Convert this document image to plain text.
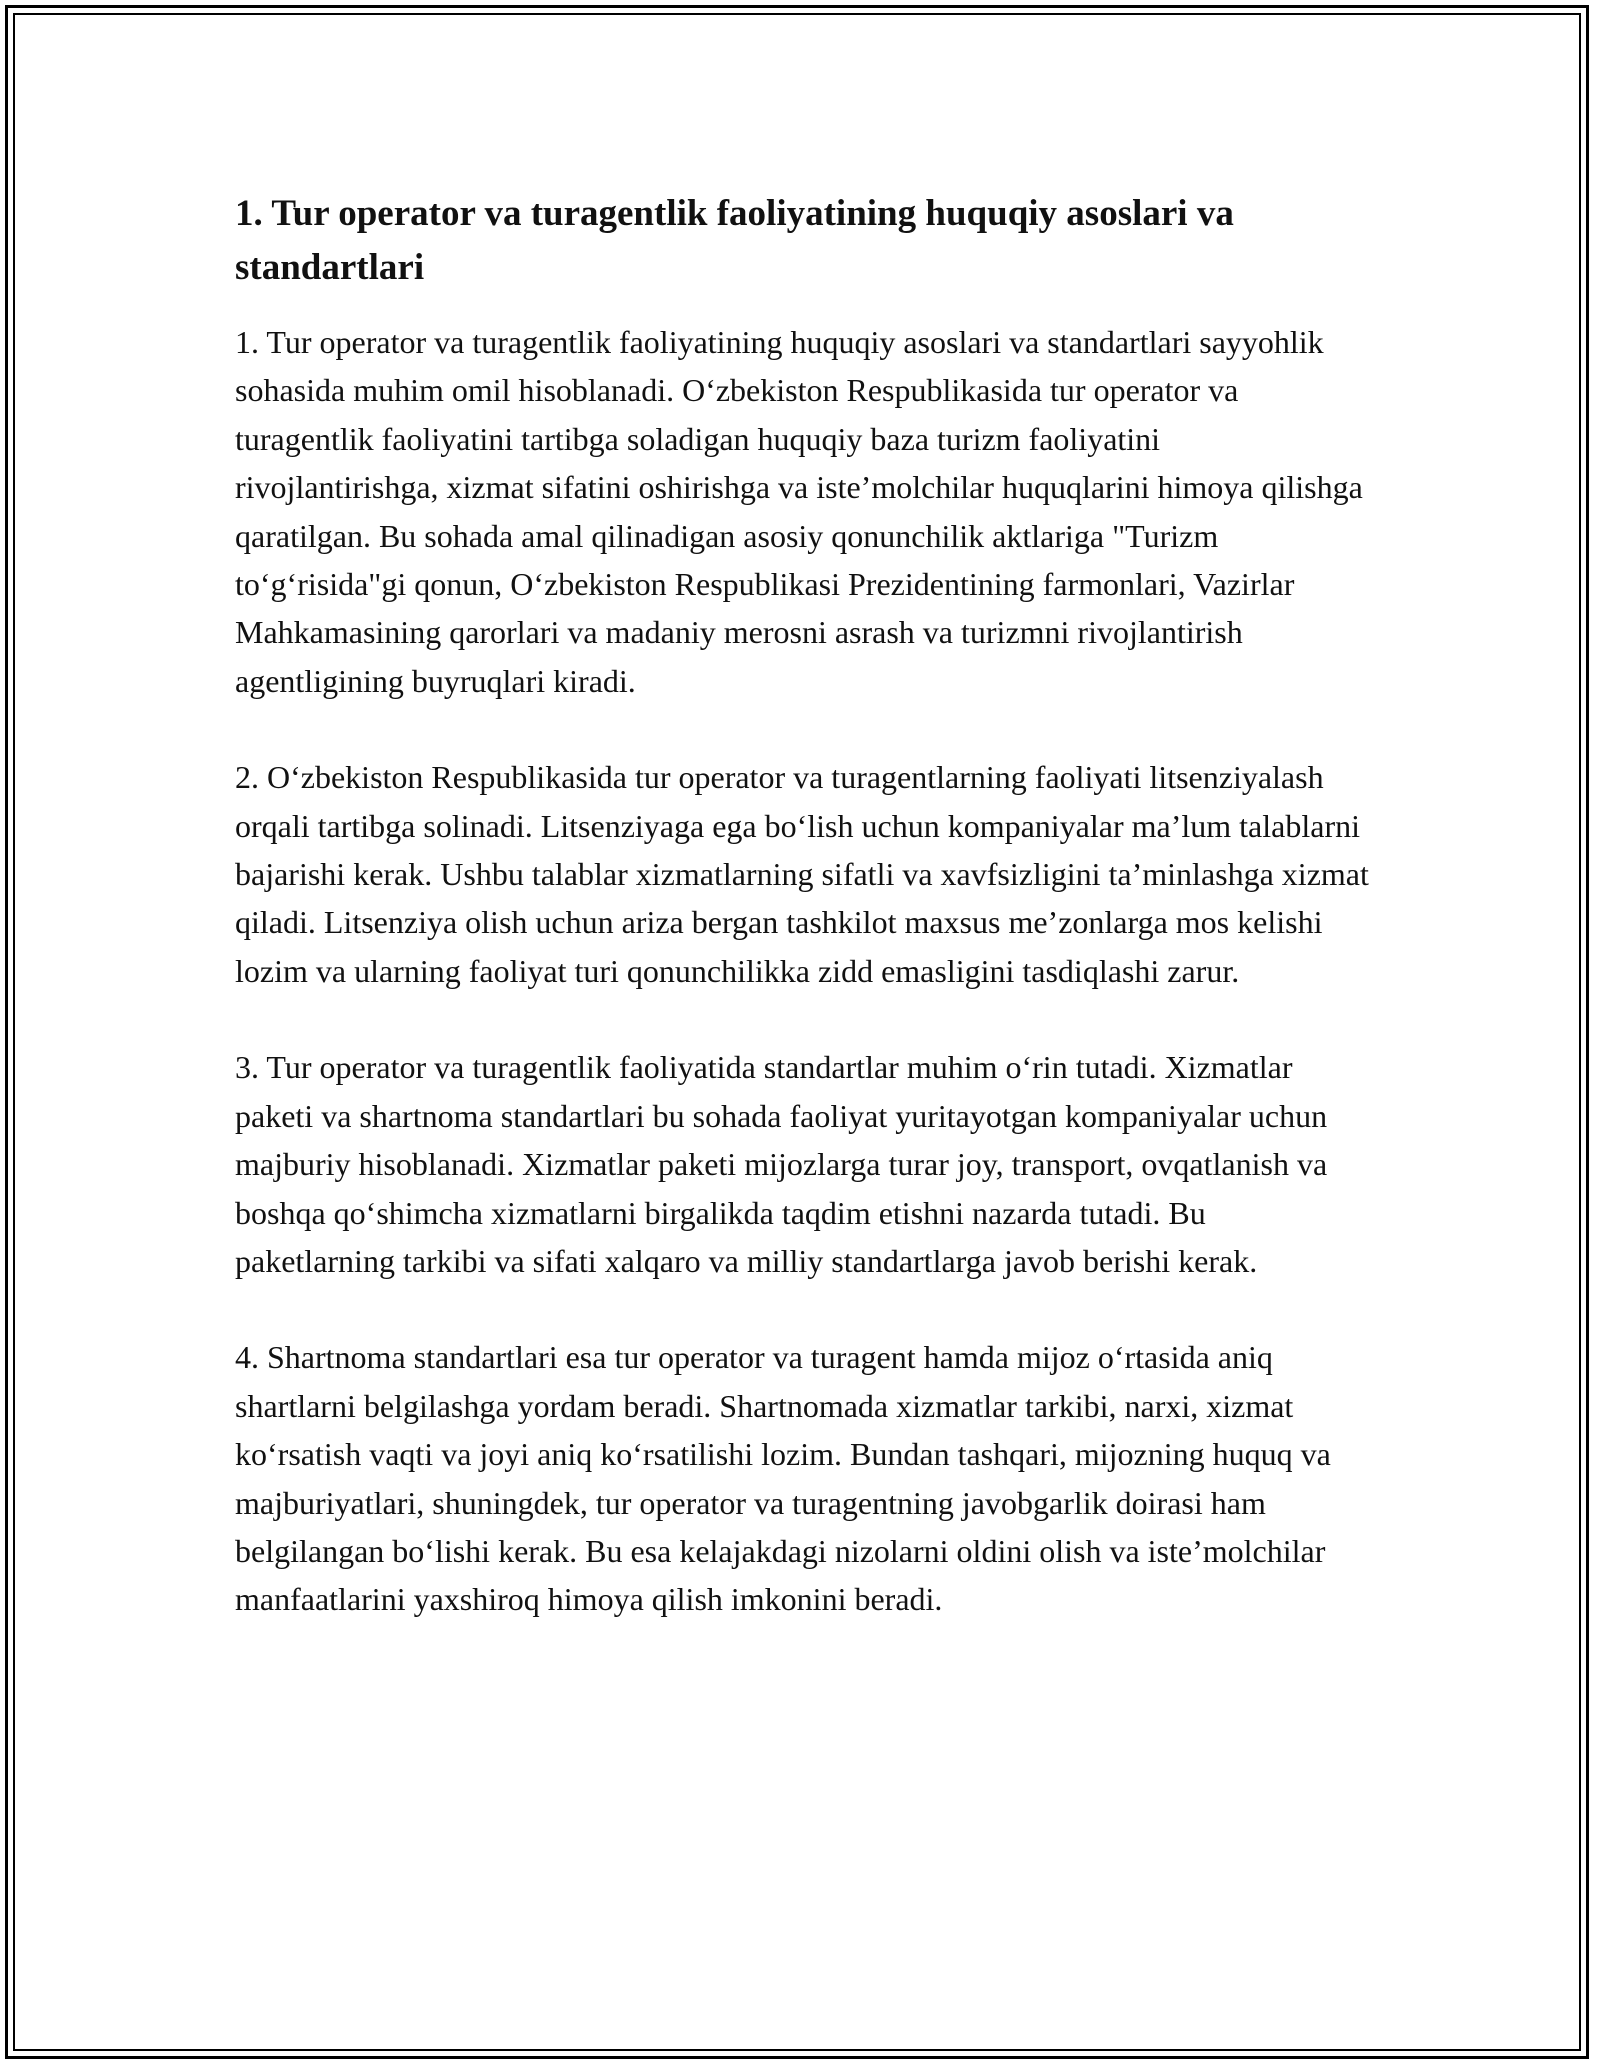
1. Tur operator va turagentlik faoliyatining huquqiy asoslari va standartlari

1. Tur operator va turagentlik faoliyatining huquqiy asoslari va standartlari sayyohlik sohasida muhim omil hisoblanadi. O‘zbekiston Respublikasida tur operator va turagentlik faoliyatini tartibga soladigan huquqiy baza turizm faoliyatini rivojlantirishga, xizmat sifatini oshirishga va iste’molchilar huquqlarini himoya qilishga qaratilgan. Bu sohada amal qilinadigan asosiy qonunchilik aktlariga "Turizm to‘g‘risida"gi qonun, O‘zbekiston Respublikasi Prezidentining farmonlari, Vazirlar Mahkamasining qarorlari va madaniy merosni asrash va turizmni rivojlantirish agentligining buyruqlari kiradi.

2. O‘zbekiston Respublikasida tur operator va turagentlarning faoliyati litsenziyalash orqali tartibga solinadi. Litsenziyaga ega bo‘lish uchun kompaniyalar ma’lum talablarni bajarishi kerak. Ushbu talablar xizmatlarning sifatli va xavfsizligini ta’minlashga xizmat qiladi. Litsenziya olish uchun ariza bergan tashkilot maxsus me’zonlarga mos kelishi lozim va ularning faoliyat turi qonunchilikka zidd emasligini tasdiqlashi zarur.

3. Tur operator va turagentlik faoliyatida standartlar muhim o‘rin tutadi. Xizmatlar paketi va shartnoma standartlari bu sohada faoliyat yuritayotgan kompaniyalar uchun majburiy hisoblanadi. Xizmatlar paketi mijozlarga turar joy, transport, ovqatlanish va boshqa qo‘shimcha xizmatlarni birgalikda taqdim etishni nazarda tutadi. Bu paketlarning tarkibi va sifati xalqaro va milliy standartlarga javob berishi kerak.

4. Shartnoma standartlari esa tur operator va turagent hamda mijoz o‘rtasida aniq shartlarni belgilashga yordam beradi. Shartnomada xizmatlar tarkibi, narxi, xizmat ko‘rsatish vaqti va joyi aniq ko‘rsatilishi lozim. Bundan tashqari, mijozning huquq va majburiyatlari, shuningdek, tur operator va turagentning javobgarlik doirasi ham belgilangan bo‘lishi kerak. Bu esa kelajakdagi nizolarni oldini olish va iste’molchilar manfaatlarini yaxshiroq himoya qilish imkonini beradi.
